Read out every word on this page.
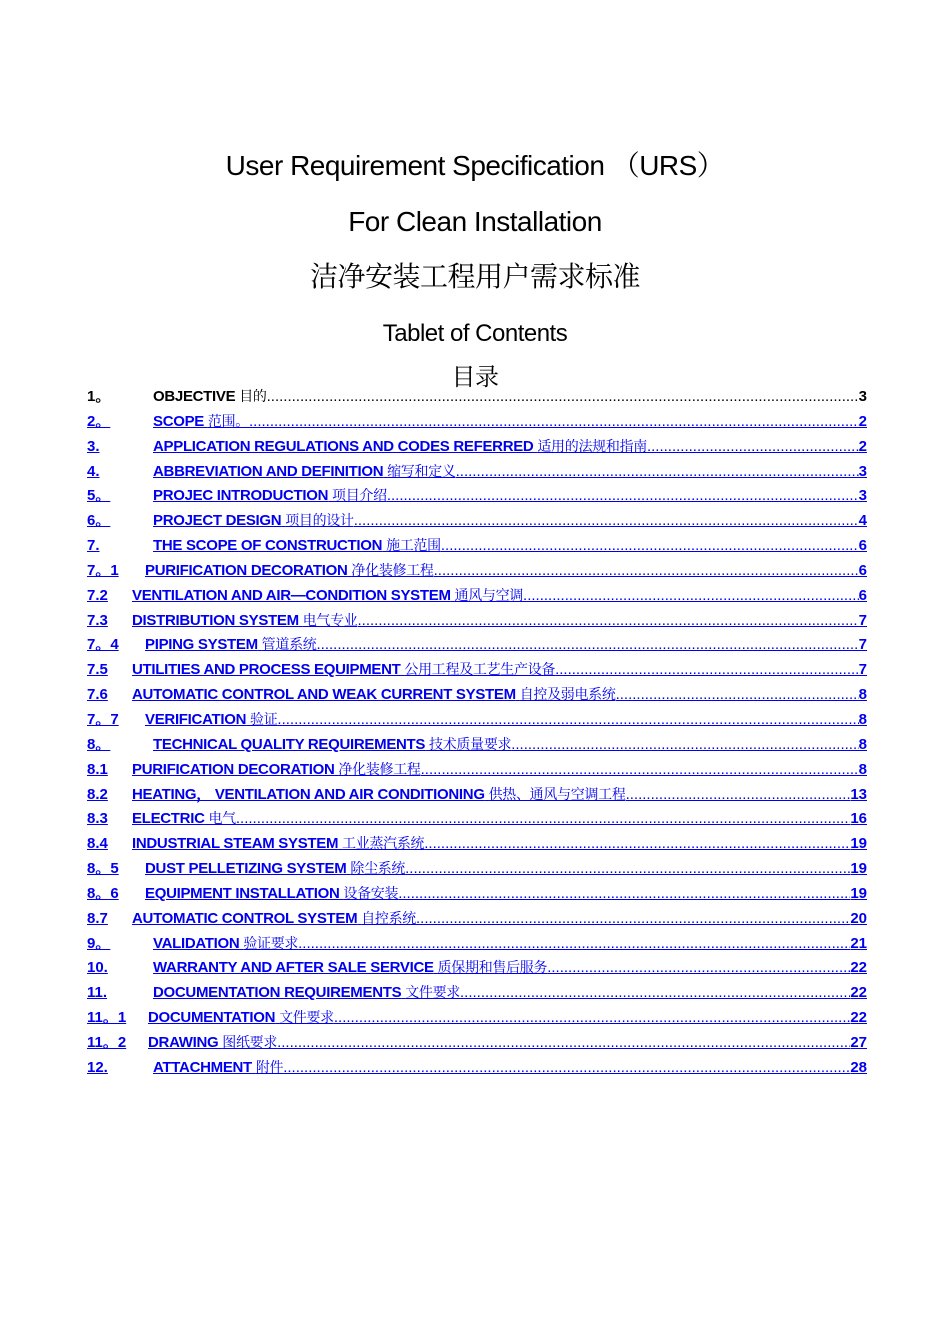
User Requirement Specification （URS）
For Clean Installation
洁净安装工程用户需求标准
Tablet of Contents
目录
1。	OBJECTIVE 目的 .....	3
2。	SCOPE 范围。 .....	2
3.	APPLICATION REGULATIONS AND CODES REFERRED 适用的法规和指南 .....	2
4.	ABBREVIATION AND DEFINITION 缩写和定义 .....	3
5。	PROJEC INTRODUCTION 项目介绍 .....	3
6。	PROJECT DESIGN 项目的设计 .....	4
7.	THE SCOPE OF CONSTRUCTION 施工范围 .....	6
7。1	PURIFICATION DECORATION 净化装修工程 .....	6
7.2	VENTILATION AND AIR—CONDITION SYSTEM 通风与空调 .....	6
7.3	DISTRIBUTION SYSTEM 电气专业 .....	7
7。4	PIPING SYSTEM 管道系统 .....	7
7.5	UTILITIES AND PROCESS EQUIPMENT 公用工程及工艺生产设备 .....	7
7.6	AUTOMATIC CONTROL AND WEAK CURRENT SYSTEM 自控及弱电系统 .....	8
7。7	VERIFICATION 验证 .....	8
8。	TECHNICAL QUALITY REQUIREMENTS 技术质量要求 .....	8
8.1	PURIFICATION DECORATION 净化装修工程 .....	8
8.2	HEATING， VENTILATION AND AIR CONDITIONING 供热、通风与空调工程 .....	13
8.3	ELECTRIC 电气 .....	16
8.4	INDUSTRIAL STEAM SYSTEM 工业蒸汽系统 .....	19
8。5	DUST PELLETIZING SYSTEM 除尘系统 .....	19
8。6	EQUIPMENT INSTALLATION 设备安装 .....	19
8.7	AUTOMATIC CONTROL SYSTEM 自控系统 .....	20
9。	VALIDATION 验证要求 .....	21
10.	WARRANTY AND AFTER SALE SERVICE 质保期和售后服务 .....	22
11.	DOCUMENTATION REQUIREMENTS 文件要求 .....	22
11。1	DOCUMENTATION 文件要求 .....	22
11。2	DRAWING 图纸要求 .....	27
12.	ATTACHMENT 附件 .....	28
